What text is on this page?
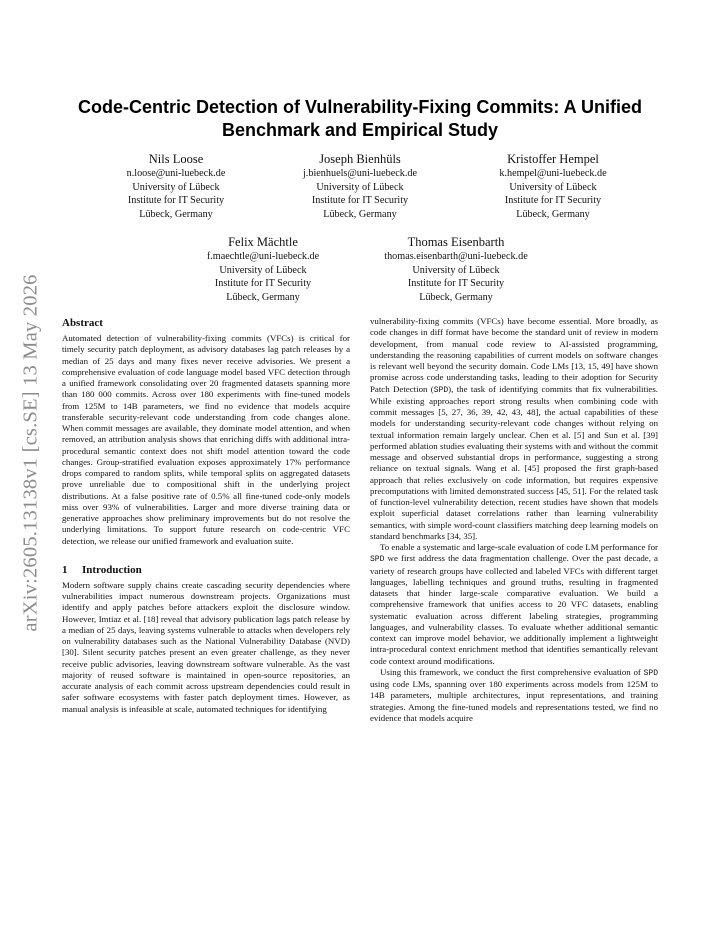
arXiv:2605.13138v1 [cs.SE] 13 May 2026
Code-Centric Detection of Vulnerability-Fixing Commits: A Unified Benchmark and Empirical Study
Nils Loose
n.loose@uni-luebeck.de
University of Lübeck
Institute for IT Security
Lübeck, Germany
Joseph Bienhüls
j.bienhuels@uni-luebeck.de
University of Lübeck
Institute for IT Security
Lübeck, Germany
Kristoffer Hempel
k.hempel@uni-luebeck.de
University of Lübeck
Institute for IT Security
Lübeck, Germany
Felix Mächtle
f.maechtle@uni-luebeck.de
University of Lübeck
Institute for IT Security
Lübeck, Germany
Thomas Eisenbarth
thomas.eisenbarth@uni-luebeck.de
University of Lübeck
Institute for IT Security
Lübeck, Germany
Abstract

Automated detection of vulnerability-fixing commits (VFCs) is critical for timely security patch deployment, as advisory databases lag patch releases by a median of 25 days and many fixes never receive advisories. We present a comprehensive evaluation of code language model based VFC detection through a unified framework consolidating over 20 fragmented datasets spanning more than 180 000 commits. Across over 180 experiments with fine-tuned models from 125M to 14B parameters, we find no evidence that models acquire transferable security-relevant code understanding from code changes alone. When commit messages are available, they dominate model attention, and when removed, an attribution analysis shows that enriching diffs with additional intra-procedural semantic context does not shift model attention toward the code changes. Group-stratified evaluation exposes approximately 17% performance drops compared to random splits, while temporal splits on aggregated datasets prove unreliable due to compositional shift in the underlying project distributions. At a false positive rate of 0.5% all fine-tuned code-only models miss over 93% of vulnerabilities. Larger and more diverse training data or generative approaches show preliminary improvements but do not resolve the underlying limitations. To support future research on code-centric VFC detection, we release our unified framework and evaluation suite.

1 Introduction

Modern software supply chains create cascading security dependencies where vulnerabilities impact numerous downstream projects. Organizations must identify and apply patches before attackers exploit the disclosure window. However, Imtiaz et al. [18] reveal that advisory publication lags patch release by a median of 25 days, leaving systems vulnerable to attacks when developers rely on vulnerability databases such as the National Vulnerability Database (NVD) [30]. Silent security patches present an even greater challenge, as they never receive public advisories, leaving downstream software vulnerable. As the vast majority of reused software is maintained in open-source repositories, an accurate analysis of each commit across upstream dependencies could result in safer software ecosystems with faster patch deployment times. However, as manual analysis is infeasible at scale, automated techniques for identifying

vulnerability-fixing commits (VFCs) have become essential. More broadly, as code changes in diff format have become the standard unit of review in modern development, from manual code review to AI-assisted programming, understanding the reasoning capabilities of current models on software changes is relevant well beyond the security domain. Code LMs [13, 15, 49] have shown promise across code understanding tasks, leading to their adoption for Security Patch Detection (SPD), the task of identifying commits that fix vulnerabilities. While existing approaches report strong results when combining code with commit messages [5, 27, 36, 39, 42, 43, 48], the actual capabilities of these models for understanding security-relevant code changes without relying on textual information remain largely unclear. Chen et al. [5] and Sun et al. [39] performed ablation studies evaluating their systems with and without the commit message and observed substantial drops in performance, suggesting a strong reliance on textual signals. Wang et al. [45] proposed the first graph-based approach that relies exclusively on code information, but requires expensive precomputations with limited demonstrated success [45, 51]. For the related task of function-level vulnerability detection, recent studies have shown that models exploit superficial dataset correlations rather than learning vulnerability semantics, with simple word-count classifiers matching deep learning models on standard benchmarks [34, 35].

To enable a systematic and large-scale evaluation of code LM performance for SPD we first address the data fragmentation challenge. Over the past decade, a variety of research groups have collected and labeled VFCs with different target languages, labelling techniques and ground truths, resulting in fragmented datasets that hinder large-scale comparative evaluation. We build a comprehensive framework that unifies access to 20 VFC datasets, enabling systematic evaluation across different labeling strategies, programming languages, and vulnerability classes. To evaluate whether additional semantic context can improve model behavior, we additionally implement a lightweight intra-procedural context enrichment method that identifies semantically relevant code context around modifications.

Using this framework, we conduct the first comprehensive evaluation of SPD using code LMs, spanning over 180 experiments across models from 125M to 14B parameters, multiple architectures, input representations, and training strategies. Among the fine-tuned models and representations tested, we find no evidence that models acquire
